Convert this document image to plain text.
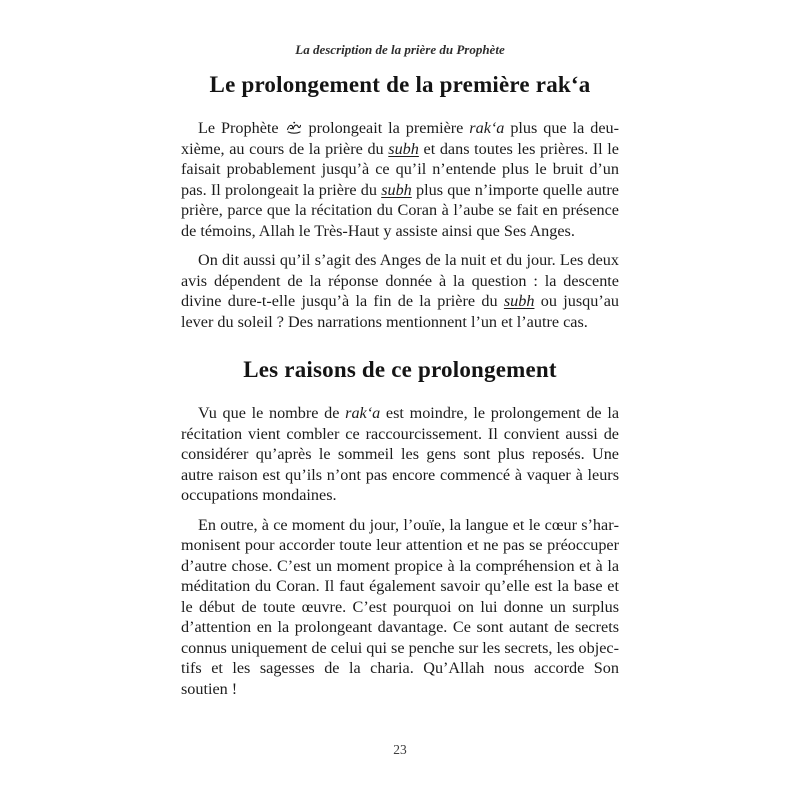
La description de la prière du Prophète
Le prolongement de la première rak‘a

Le Prophète
prolongeait la première rak‘a plus que la deuxième, au cours de la prière du subh et dans toutes les prières. Il le faisait probablement jusqu’à ce qu’il n’entende plus le bruit d’un pas. Il prolongeait la prière du subh plus que n’importe quelle autre prière, parce que la récitation du Coran à l’aube se fait en présence de témoins, Allah le Très-Haut y assiste ainsi que Ses Anges.

On dit aussi qu’il s’agit des Anges de la nuit et du jour. Les deux avis dépendent de la réponse donnée à la question : la descente divine dure-t-elle jusqu’à la fin de la prière du subh ou jusqu’au lever du soleil ? Des narrations mentionnent l’un et l’autre cas.

Les raisons de ce prolongement

Vu que le nombre de rak‘a est moindre, le prolongement de la récitation vient combler ce raccourcissement. Il convient aussi de considérer qu’après le sommeil les gens sont plus reposés. Une autre raison est qu’ils n’ont pas encore commencé à vaquer à leurs occupations mondaines.

En outre, à ce moment du jour, l’ouïe, la langue et le cœur s’harmonisent pour accorder toute leur attention et ne pas se préoccuper d’autre chose. C’est un moment propice à la compréhension et à la méditation du Coran. Il faut également savoir qu’elle est la base et le début de toute œuvre. C’est pourquoi on lui donne un surplus d’attention en la prolongeant davantage. Ce sont autant de secrets connus uniquement de celui qui se penche sur les secrets, les objectifs et les sagesses de la charia. Qu’Allah nous accorde Son soutien !

23
